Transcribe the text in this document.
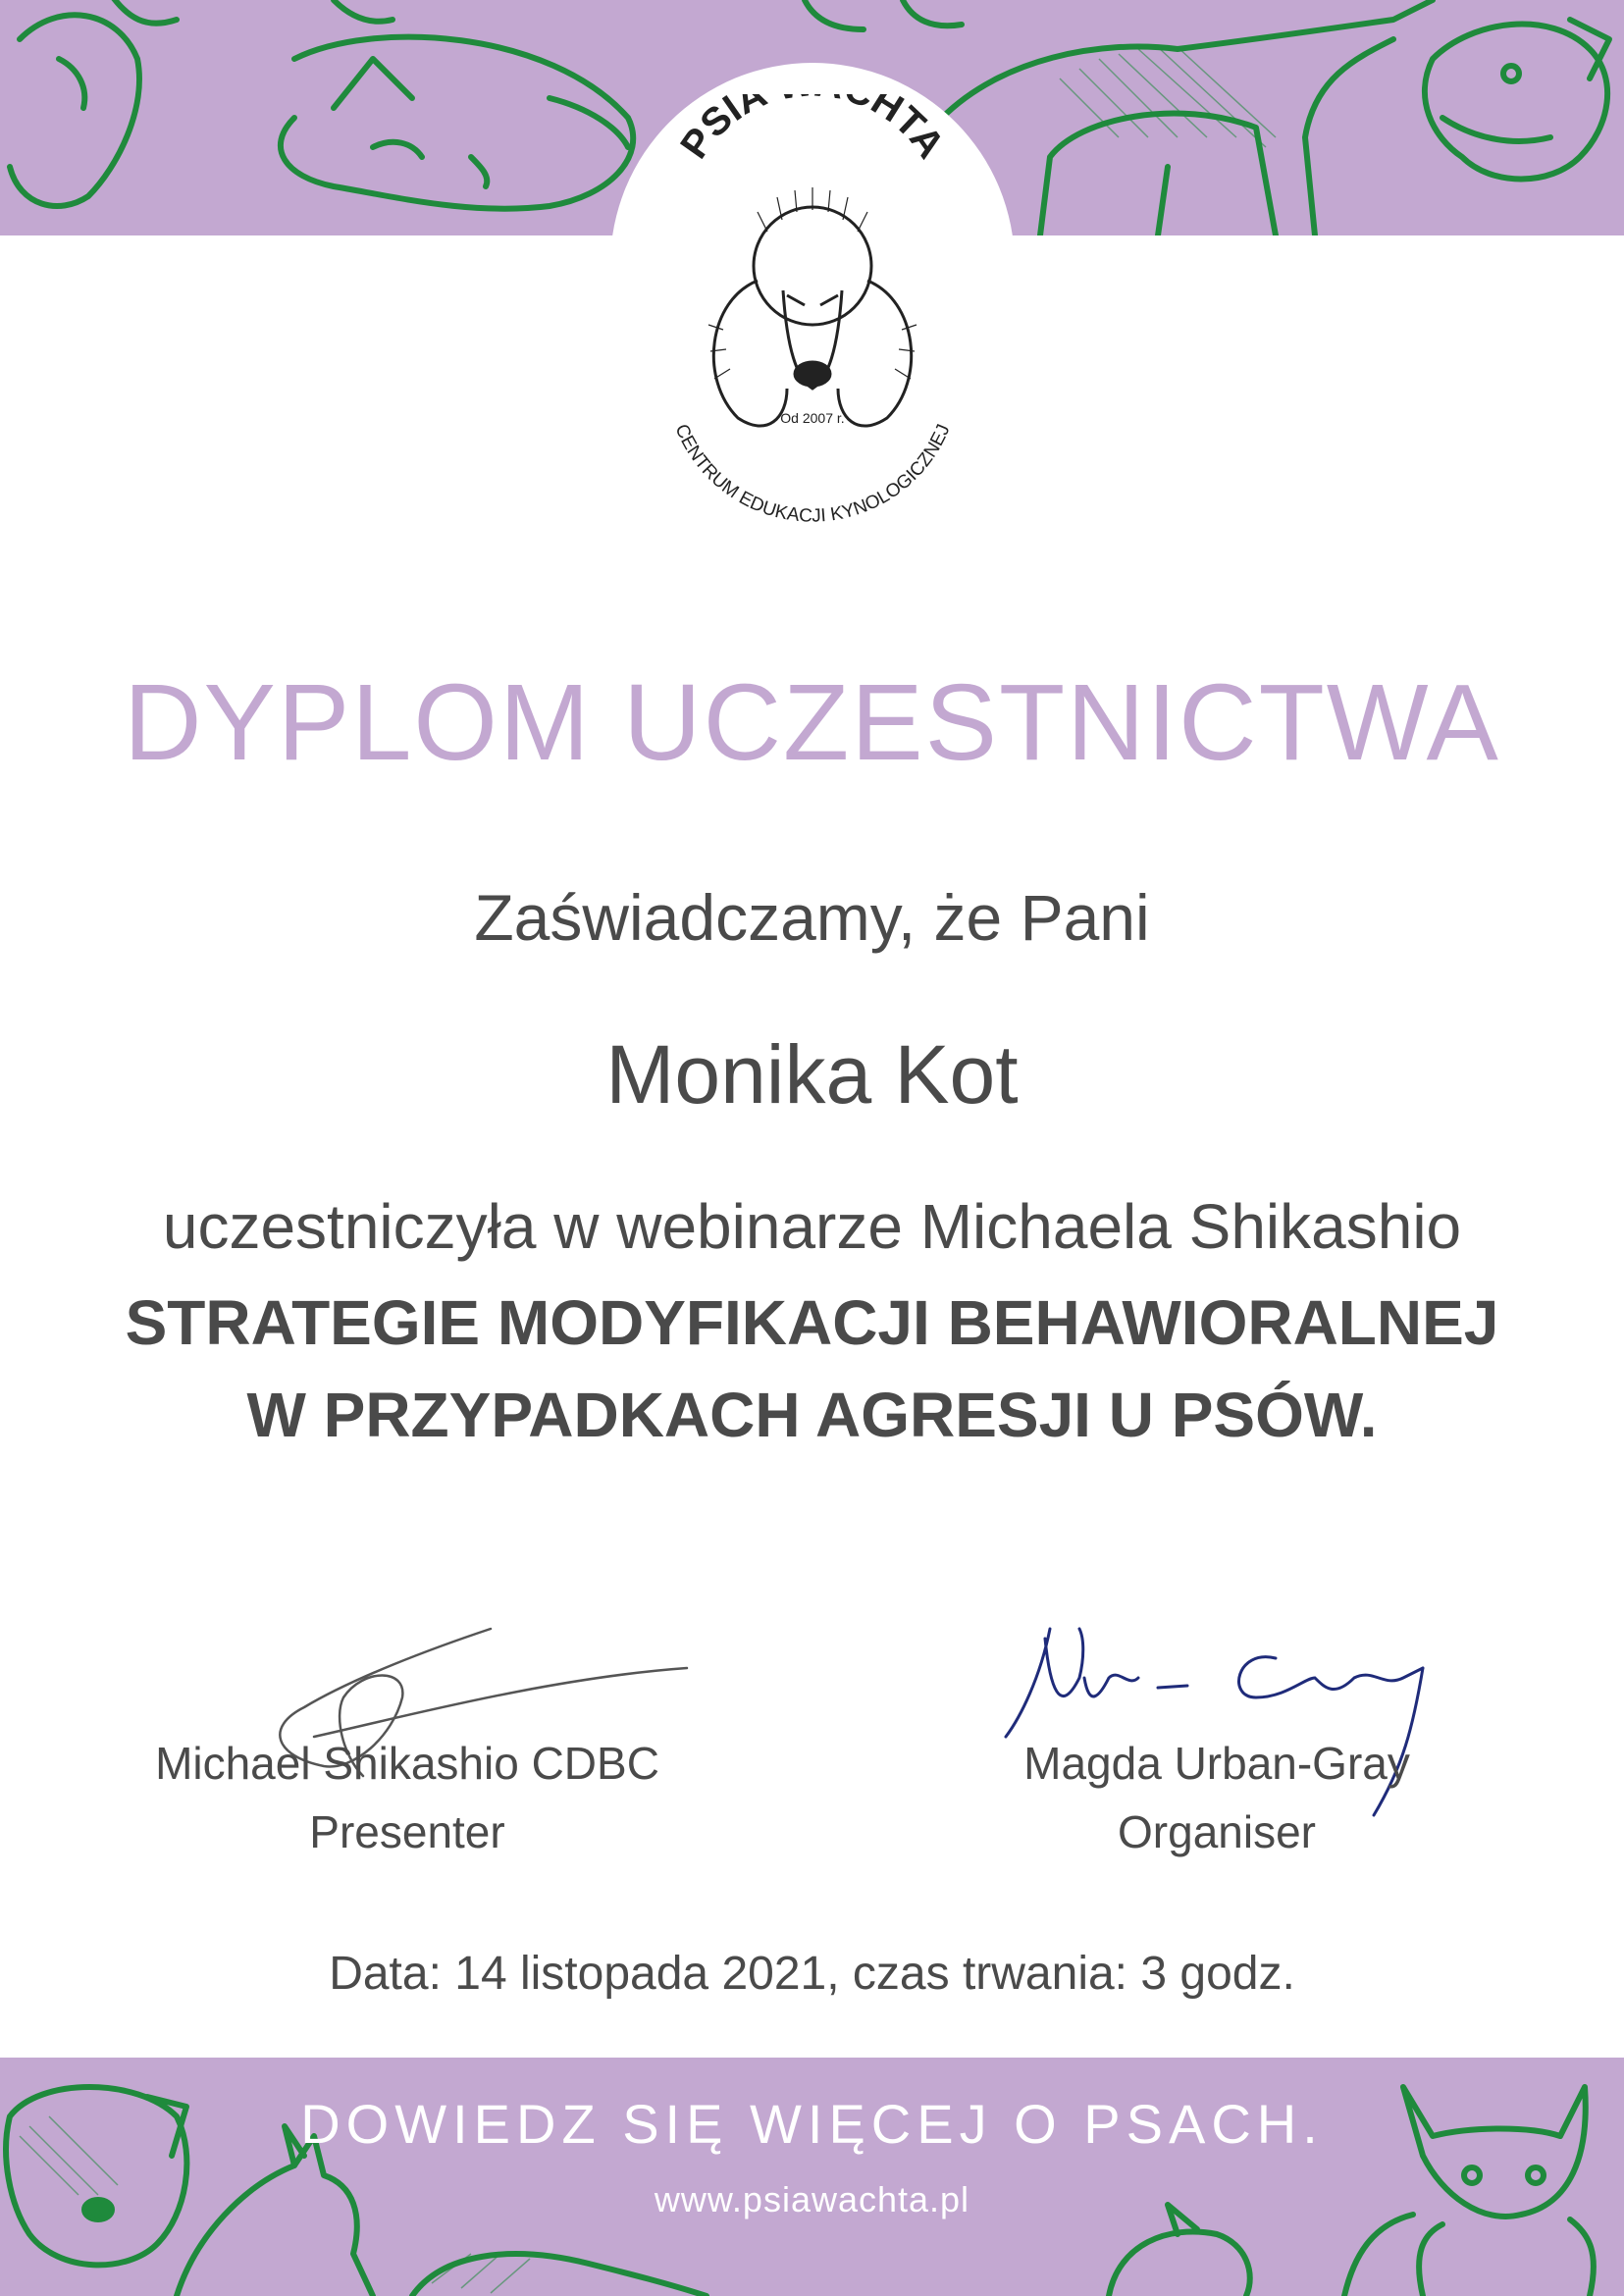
PSIA HTA
Od 2007 r.
CENTRUM EDUKACJI KYNOLOGICZNEJ
DYPLOM UCZESTNICTWA
Zaświadczamy, że Pani
Monika Kot
uczestniczyła w webinarze Michaela Shikashio
STRATEGIE MODYFIKACJI BEHAWIORALNEJ
W PRZYPADKACH AGRESJI U PSÓW.
Michael Shikashio CDBC
Presenter
Magda Urban-Gray
Organiser
Data: 14 listopada 2021, czas trwania: 3 godz.
DOWIEDZ SIĘ WIĘCEJ O PSACH.
www.psiawachta.pl
